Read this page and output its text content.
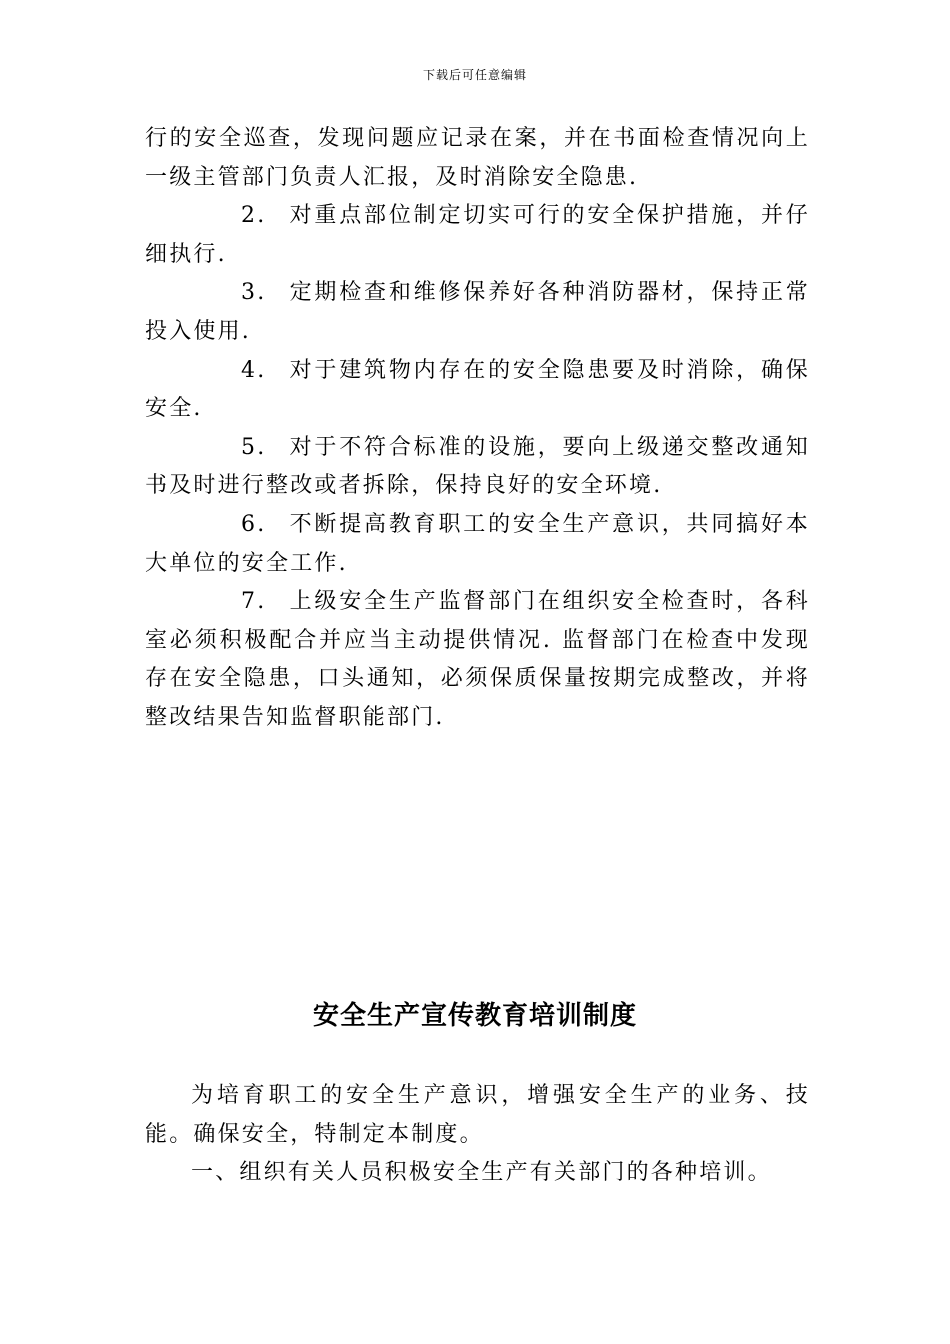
下载后可任意编辑

行的安全巡查，发现问题应记录在案，并在书面检查情况向上一级主管部门负责人汇报，及时消除安全隐患.

2. 对重点部位制定切实可行的安全保护措施，并仔细执行.

3. 定期检查和维修保养好各种消防器材，保持正常投入使用.

4. 对于建筑物内存在的安全隐患要及时消除，确保安全.

5. 对于不符合标准的设施，要向上级递交整改通知书及时进行整改或者拆除，保持良好的安全环境.

6. 不断提高教育职工的安全生产意识，共同搞好本大单位的安全工作.

7. 上级安全生产监督部门在组织安全检查时，各科室必须积极配合并应当主动提供情况. 监督部门在检查中发现存在安全隐患，口头通知，必须保质保量按期完成整改，并将整改结果告知监督职能部门.

安全生产宣传教育培训制度

为培育职工的安全生产意识，增强安全生产的业务、技能。确保安全，特制定本制度。

一、组织有关人员积极安全生产有关部门的各种培训。
